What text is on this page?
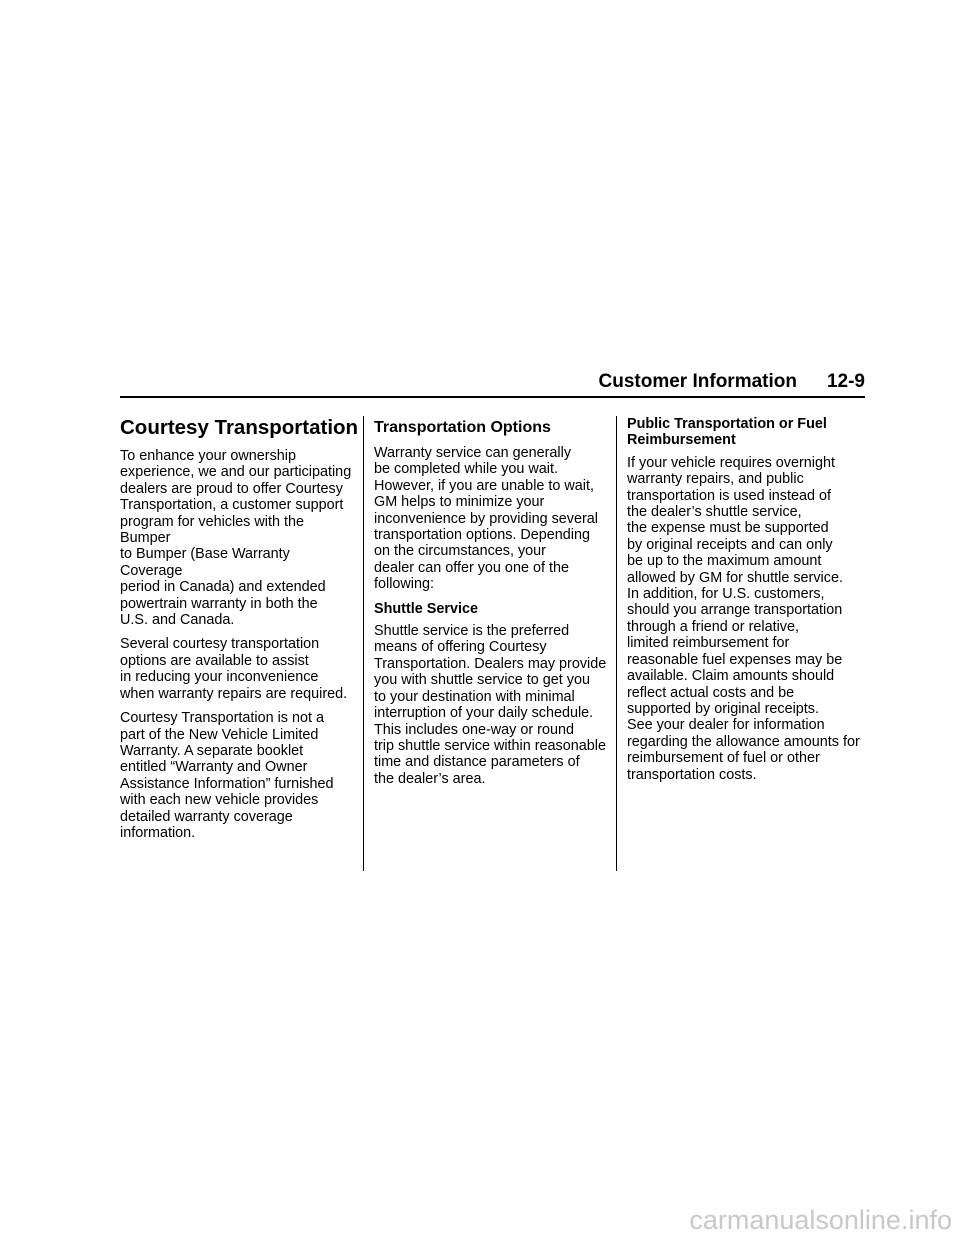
Customer Information 12-9
Courtesy Transportation

To enhance your ownership
experience, we and our participating
dealers are proud to offer Courtesy
Transportation, a customer support
program for vehicles with the Bumper
to Bumper (Base Warranty Coverage
period in Canada) and extended
powertrain warranty in both the
U.S. and Canada.

Several courtesy transportation
options are available to assist
in reducing your inconvenience
when warranty repairs are required.

Courtesy Transportation is not a
part of the New Vehicle Limited
Warranty. A separate booklet
entitled “Warranty and Owner
Assistance Information” furnished
with each new vehicle provides
detailed warranty coverage
information.

Transportation Options

Warranty service can generally
be completed while you wait.
However, if you are unable to wait,
GM helps to minimize your
inconvenience by providing several
transportation options. Depending
on the circumstances, your
dealer can offer you one of the
following:

Shuttle Service

Shuttle service is the preferred
means of offering Courtesy
Transportation. Dealers may provide
you with shuttle service to get you
to your destination with minimal
interruption of your daily schedule.
This includes one-way or round
trip shuttle service within reasonable
time and distance parameters of
the dealer’s area.

Public Transportation or Fuel
Reimbursement

If your vehicle requires overnight
warranty repairs, and public
transportation is used instead of
the dealer’s shuttle service,
the expense must be supported
by original receipts and can only
be up to the maximum amount
allowed by GM for shuttle service.
In addition, for U.S. customers,
should you arrange transportation
through a friend or relative,
limited reimbursement for
reasonable fuel expenses may be
available. Claim amounts should
reflect actual costs and be
supported by original receipts.
See your dealer for information
regarding the allowance amounts for
reimbursement of fuel or other
transportation costs.

carmanualsonline.info
